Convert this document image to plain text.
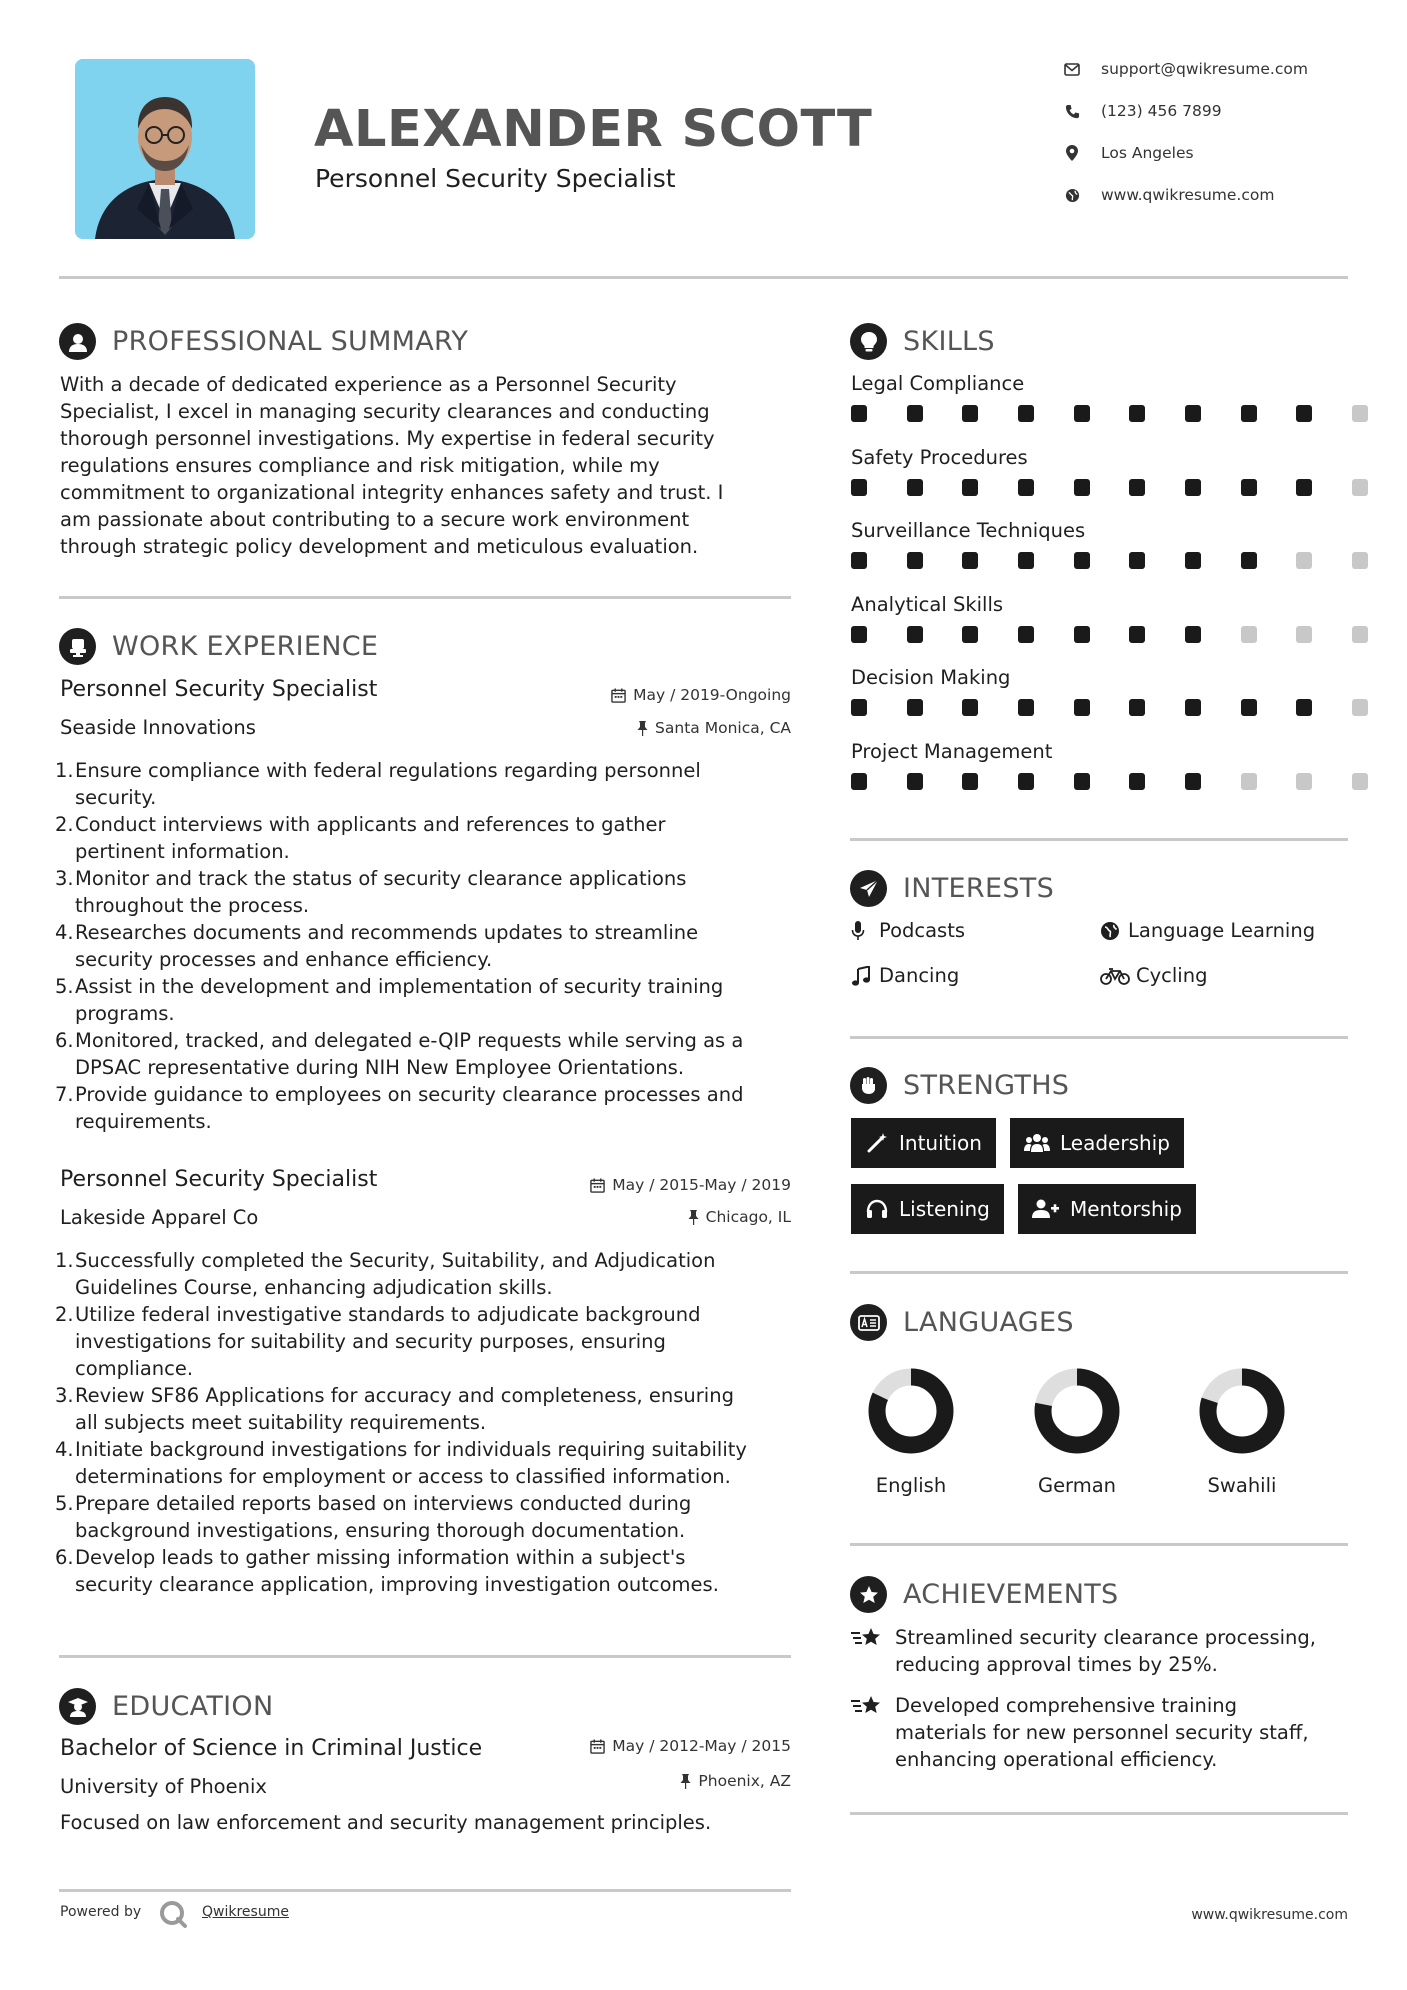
ALEXANDER SCOTT
Personnel Security Specialist
support@qwikresume.com
(123) 456 7899
Los Angeles
www.qwikresume.com
PROFESSIONAL SUMMARY
With a decade of dedicated experience as a Personnel Security
Specialist, I excel in managing security clearances and conducting
thorough personnel investigations. My expertise in federal security
regulations ensures compliance and risk mitigation, while my
commitment to organizational integrity enhances safety and trust. I
am passionate about contributing to a secure work environment
through strategic policy development and meticulous evaluation.
WORK EXPERIENCE
Personnel Security Specialist	May / 2019-Ongoing
Seaside Innovations	Santa Monica, CA
1. Ensure compliance with federal regulations regarding personnel
security.
2. Conduct interviews with applicants and references to gather
pertinent information.
3. Monitor and track the status of security clearance applications
throughout the process.
4. Researches documents and recommends updates to streamline
security processes and enhance efficiency.
5. Assist in the development and implementation of security training
programs.
6. Monitored, tracked, and delegated e-QIP requests while serving as a
DPSAC representative during NIH New Employee Orientations.
7. Provide guidance to employees on security clearance processes and
requirements.
Personnel Security Specialist	May / 2015-May / 2019
Lakeside Apparel Co	Chicago, IL
1. Successfully completed the Security, Suitability, and Adjudication
Guidelines Course, enhancing adjudication skills.
2. Utilize federal investigative standards to adjudicate background
investigations for suitability and security purposes, ensuring
compliance.
3. Review SF86 Applications for accuracy and completeness, ensuring
all subjects meet suitability requirements.
4. Initiate background investigations for individuals requiring suitability
determinations for employment or access to classified information.
5. Prepare detailed reports based on interviews conducted during
background investigations, ensuring thorough documentation.
6. Develop leads to gather missing information within a subject's
security clearance application, improving investigation outcomes.
EDUCATION
Bachelor of Science in Criminal Justice	May / 2012-May / 2015
University of Phoenix	Phoenix, AZ
Focused on law enforcement and security management principles.
Powered by	Qwikresume	www.qwikresume.com
SKILLS
Legal Compliance
Safety Procedures
Surveillance Techniques
Analytical Skills
Decision Making
Project Management
INTERESTS
Podcasts	Language Learning
Dancing	Cycling
STRENGTHS
Intuition	Leadership
Listening	Mentorship
LANGUAGES
English	German	Swahili
ACHIEVEMENTS
Streamlined security clearance processing,
reducing approval times by 25%.
Developed comprehensive training
materials for new personnel security staff,
enhancing operational efficiency.
